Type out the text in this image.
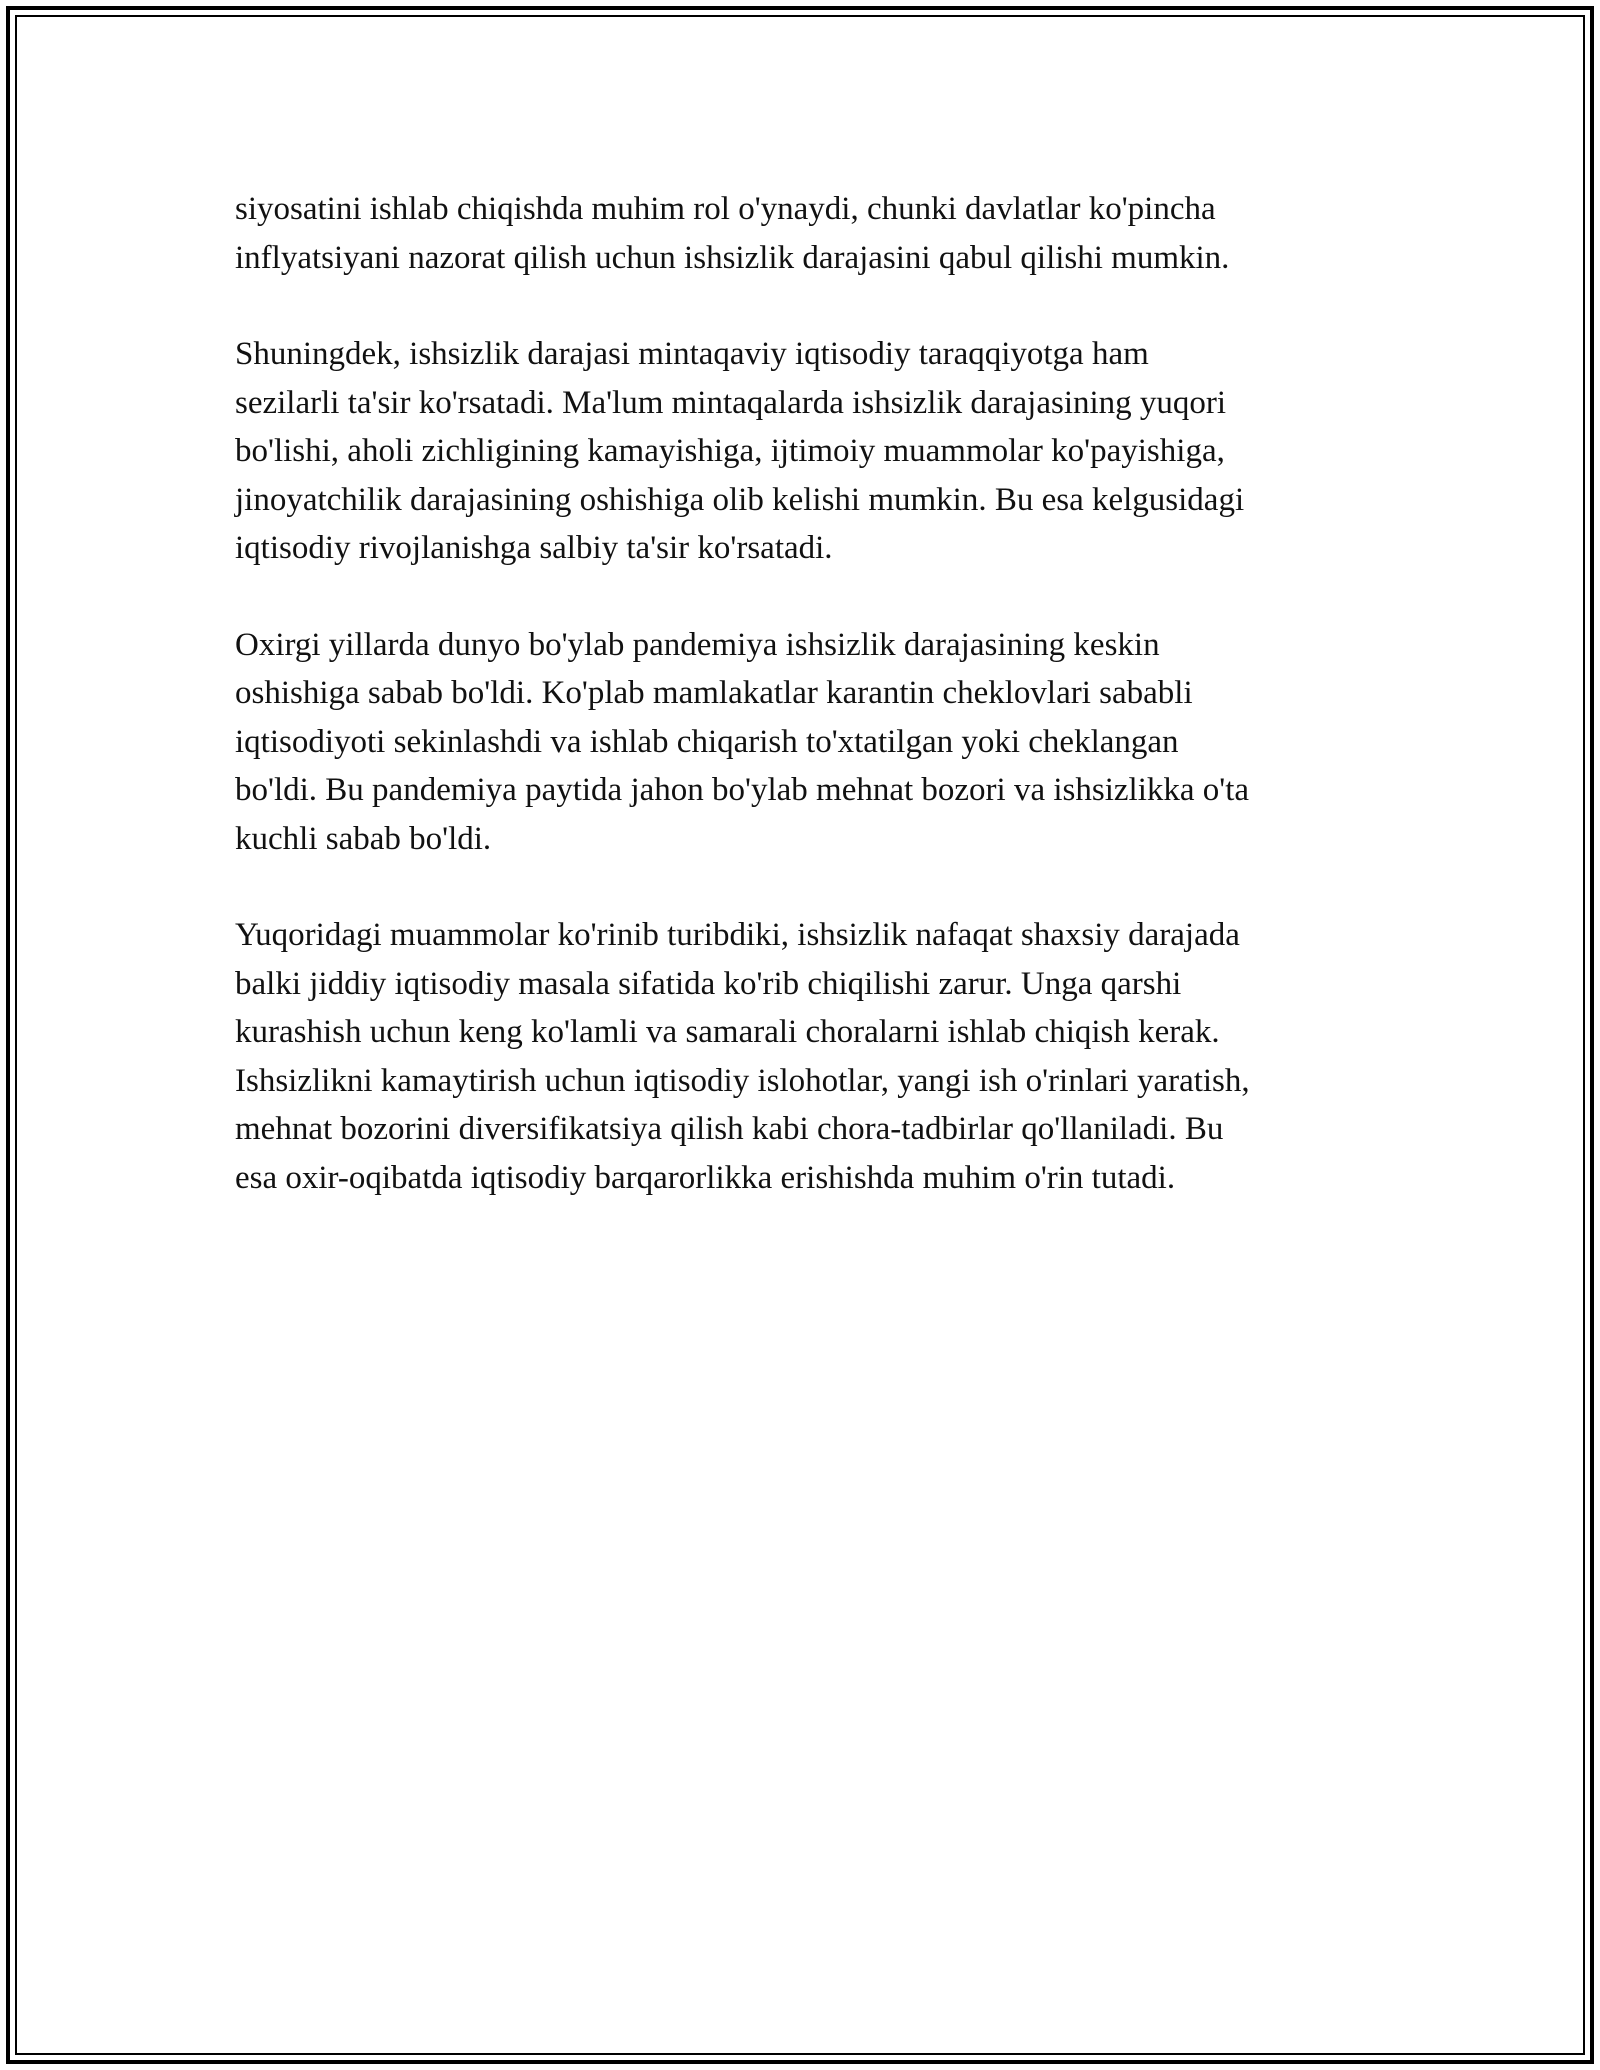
siyosatini ishlab chiqishda muhim rol o'ynaydi, chunki davlatlar ko'pincha
inflyatsiyani nazorat qilish uchun ishsizlik darajasini qabul qilishi mumkin.

Shuningdek, ishsizlik darajasi mintaqaviy iqtisodiy taraqqiyotga ham
sezilarli ta'sir ko'rsatadi. Ma'lum mintaqalarda ishsizlik darajasining yuqori
bo'lishi, aholi zichligining kamayishiga, ijtimoiy muammolar ko'payishiga,
jinoyatchilik darajasining oshishiga olib kelishi mumkin. Bu esa kelgusidagi
iqtisodiy rivojlanishga salbiy ta'sir ko'rsatadi.

Oxirgi yillarda dunyo bo'ylab pandemiya ishsizlik darajasining keskin
oshishiga sabab bo'ldi. Ko'plab mamlakatlar karantin cheklovlari sababli
iqtisodiyoti sekinlashdi va ishlab chiqarish to'xtatilgan yoki cheklangan
bo'ldi. Bu pandemiya paytida jahon bo'ylab mehnat bozori va ishsizlikka o'ta
kuchli sabab bo'ldi.

Yuqoridagi muammolar ko'rinib turibdiki, ishsizlik nafaqat shaxsiy darajada
balki jiddiy iqtisodiy masala sifatida ko'rib chiqilishi zarur. Unga qarshi
kurashish uchun keng ko'lamli va samarali choralarni ishlab chiqish kerak.
Ishsizlikni kamaytirish uchun iqtisodiy islohotlar, yangi ish o'rinlari yaratish,
mehnat bozorini diversifikatsiya qilish kabi chora-tadbirlar qo'llaniladi. Bu
esa oxir-oqibatda iqtisodiy barqarorlikka erishishda muhim o'rin tutadi.
